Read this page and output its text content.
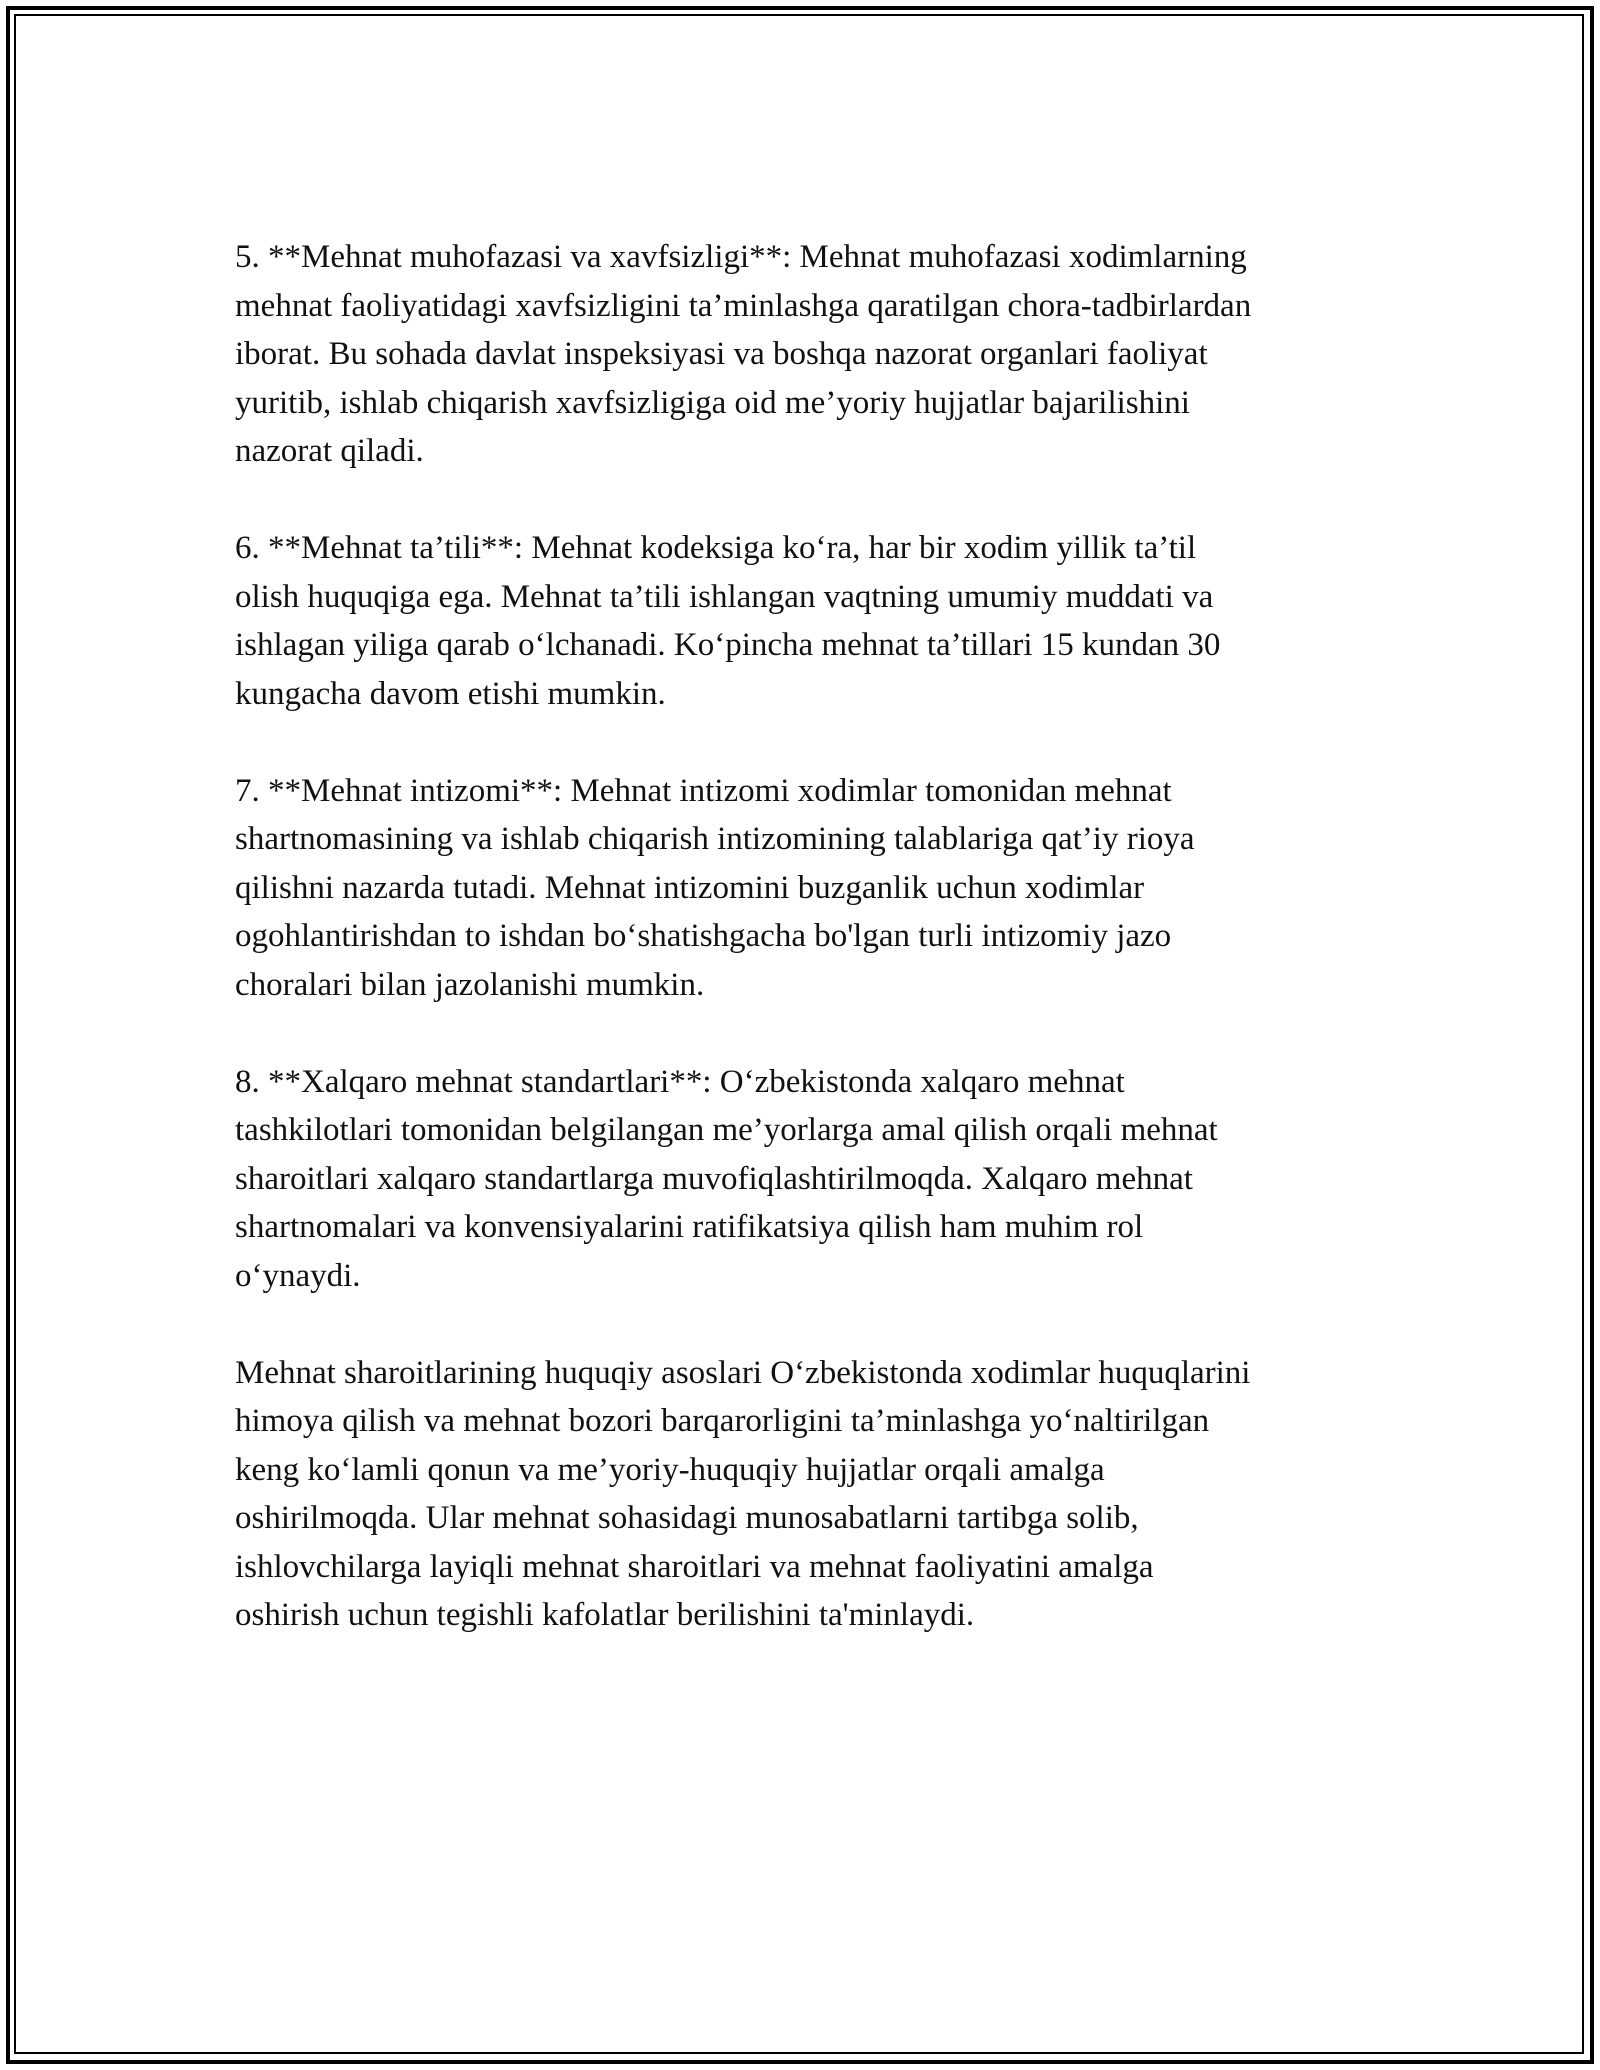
5. **Mehnat muhofazasi va xavfsizligi**: Mehnat muhofazasi xodimlarning
mehnat faoliyatidagi xavfsizligini ta’minlashga qaratilgan chora-tadbirlardan
iborat. Bu sohada davlat inspeksiyasi va boshqa nazorat organlari faoliyat
yuritib, ishlab chiqarish xavfsizligiga oid me’yoriy hujjatlar bajarilishini
nazorat qiladi.

6. **Mehnat ta’tili**: Mehnat kodeksiga ko‘ra, har bir xodim yillik ta’til
olish huquqiga ega. Mehnat ta’tili ishlangan vaqtning umumiy muddati va
ishlagan yiliga qarab o‘lchanadi. Ko‘pincha mehnat ta’tillari 15 kundan 30
kungacha davom etishi mumkin.

7. **Mehnat intizomi**: Mehnat intizomi xodimlar tomonidan mehnat
shartnomasining va ishlab chiqarish intizomining talablariga qat’iy rioya
qilishni nazarda tutadi. Mehnat intizomini buzganlik uchun xodimlar
ogohlantirishdan to ishdan bo‘shatishgacha bo'lgan turli intizomiy jazo
choralari bilan jazolanishi mumkin.

8. **Xalqaro mehnat standartlari**: O‘zbekistonda xalqaro mehnat
tashkilotlari tomonidan belgilangan me’yorlarga amal qilish orqali mehnat
sharoitlari xalqaro standartlarga muvofiqlashtirilmoqda. Xalqaro mehnat
shartnomalari va konvensiyalarini ratifikatsiya qilish ham muhim rol
o‘ynaydi.

Mehnat sharoitlarining huquqiy asoslari O‘zbekistonda xodimlar huquqlarini
himoya qilish va mehnat bozori barqarorligini ta’minlashga yo‘naltirilgan
keng ko‘lamli qonun va me’yoriy-huquqiy hujjatlar orqali amalga
oshirilmoqda. Ular mehnat sohasidagi munosabatlarni tartibga solib,
ishlovchilarga layiqli mehnat sharoitlari va mehnat faoliyatini amalga
oshirish uchun tegishli kafolatlar berilishini ta'minlaydi.
